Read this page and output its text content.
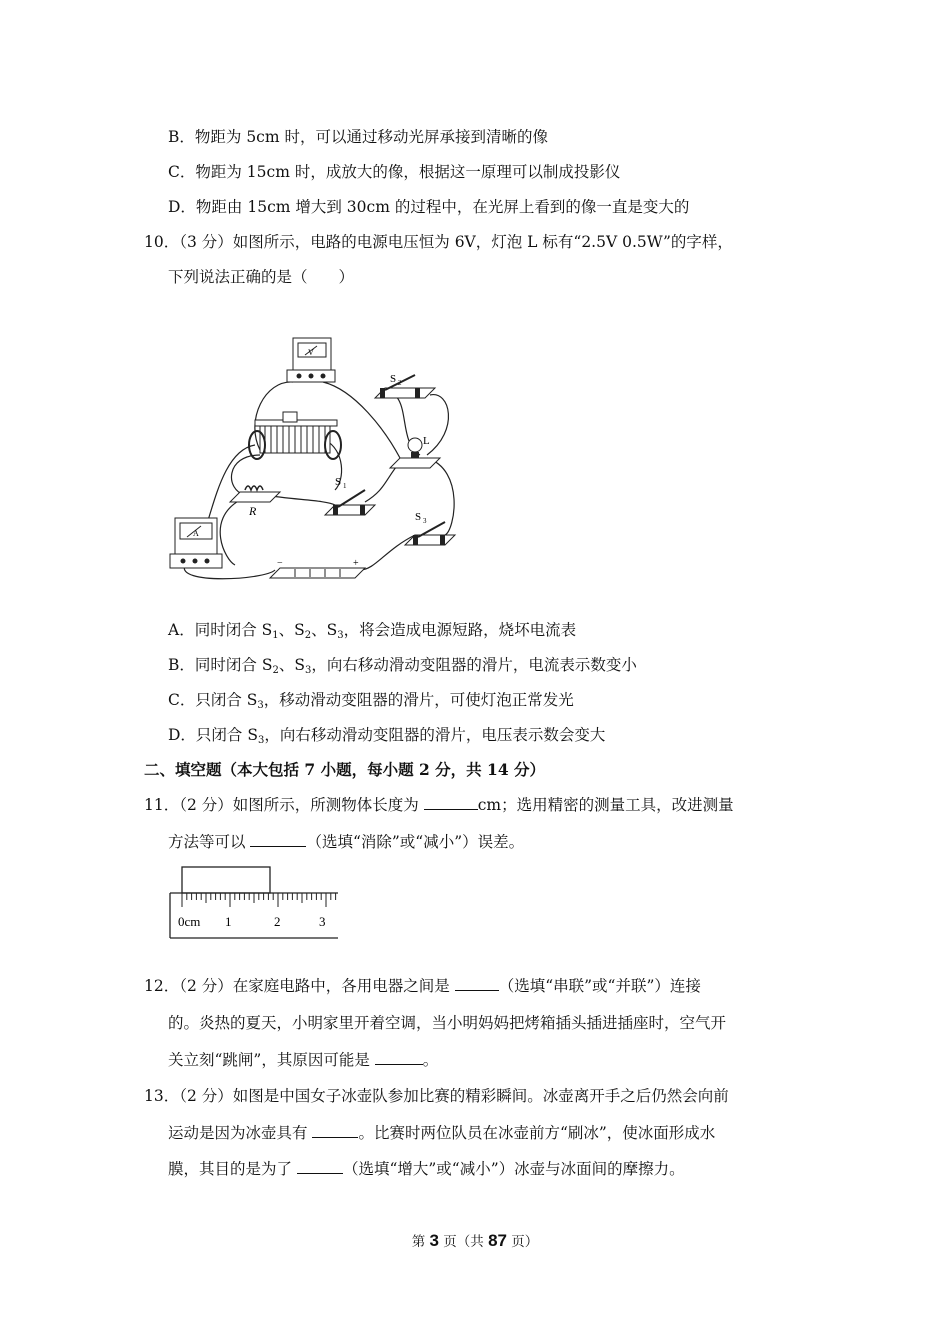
B．物距为 5cm 时，可以通过移动光屏承接到清晰的像
C．物距为 15cm 时，成放大的像，根据这一原理可以制成投影仪
D．物距由 15cm 增大到 30cm 的过程中，在光屏上看到的像一直是变大的
10．（3 分）如图所示，电路的电源电压恒为 6V，灯泡 L 标有“2.5V 0.5W”的字样，
下列说法正确的是（　　）
V
S 2
L
R
S 1
S 3
A
−	+
A．同时闭合 $S_1$、$S_2$、$S_3$，将会造成电源短路，烧坏电流表
B．同时闭合 $S_2$、$S_3$，向右移动滑动变阻器的滑片，电流表示数变小
C．只闭合 $S_3$，移动滑动变阻器的滑片，可使灯泡正常发光
D．只闭合 $S_3$，向右移动滑动变阻器的滑片，电压表示数会变大
二、填空题（本大包括 7 小题，每小题 2 分，共 14 分）
11．（2 分）如图所示，所测物体长度为	cm；选用精密的测量工具，改进测量
方法等可以	（选填“消除”或“减小”）误差。
0cm 1	2	3
12．（2 分）在家庭电路中，各用电器之间是	（选填“串联”或“并联”）连接
的。炎热的夏天，小明家里开着空调，当小明妈妈把烤箱插头插进插座时，空气开
关立刻“跳闸”，其原因可能是	。
13．（2 分）如图是中国女子冰壶队参加比赛的精彩瞬间。冰壶离开手之后仍然会向前
运动是因为冰壶具有	。比赛时两位队员在冰壶前方“刷冰”，使冰面形成水
膜，其目的是为了	（选填“增大”或“减小”）冰壶与冰面间的摩擦力。
第 3 页（共 87 页）
